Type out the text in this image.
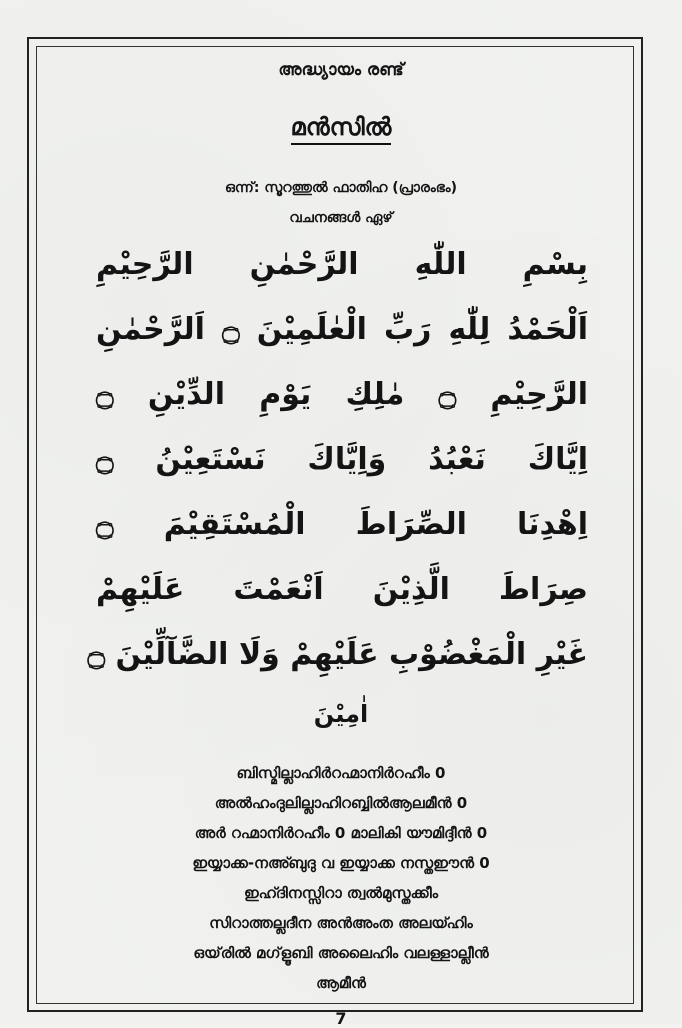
അദ്ധ്യായം രണ്ട്
മൻസിൽ
ഒന്ന്: സൂറത്തുൽ ഫാതിഹ (പ്രാരംഭം)
വചനങ്ങൾ ഏഴ്
بِسْمِ اللّٰهِ الرَّحْمٰنِ الرَّحِيْمِ
اَلْحَمْدُ لِلّٰهِ رَبِّ الْعٰلَمِيْنَ ۝ اَلرَّحْمٰنِ
الرَّحِيْمِ ۝ مٰلِكِ يَوْمِ الدِّيْنِ ۝
اِيَّاكَ نَعْبُدُ وَاِيَّاكَ نَسْتَعِيْنُ ۝
اِهْدِنَا الصِّرَاطَ الْمُسْتَقِيْمَ ۝
صِرَاطَ الَّذِيْنَ اَنْعَمْتَ عَلَيْهِمْ
غَيْرِ الْمَغْضُوْبِ عَلَيْهِمْ وَلَا الضَّآلِّيْنَ ۝
اٰمِيْنَ
ബിസ്മില്ലാഹിർറഹ്മാനിർറഹീം 0
അൽഹംദുലില്ലാഹിറബ്ബിൽആലമീൻ 0
അർ റഹ്മാനിർറഹീം 0 മാലികി യൗമിദ്ദീൻ 0
ഇയ്യാക്ക-നഅ്ബുദു വ ഇയ്യാക്ക നസ്തഈൻ 0
ഇഹ്ദിനസ്സിറാ ത്വൽമുസ്തക്കീം
സിറാത്തല്ലദീന അൻഅംത അലയ്ഹിം
ഒയ്‌രിൽ മഗ്‌ളൂബി അലൈഹിം വലള്ളാല്ലീൻ
ആമീൻ
7
